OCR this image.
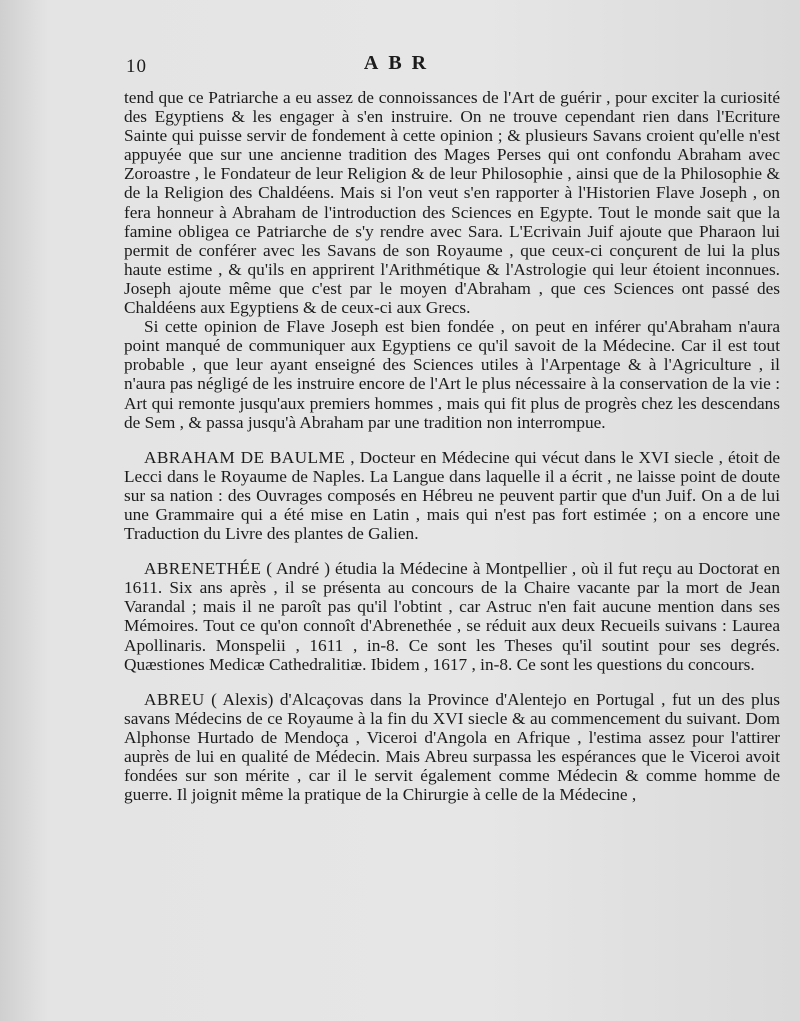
10	ABR

tend que ce Patriarche a eu assez de connoissances de l'Art de guérir , pour exciter la curiosité des Egyptiens & les engager à s'en instruire. On ne trouve cependant rien dans l'Ecriture Sainte qui puisse servir de fondement à cette opinion ; & plusieurs Savans croient qu'elle n'est appuyée que sur une ancienne tradition des Mages Perses qui ont confondu Abraham avec Zoroastre , le Fondateur de leur Religion & de leur Philosophie , ainsi que de la Philosophie & de la Religion des Chaldéens. Mais si l'on veut s'en rapporter à l'Historien Flave Joseph , on fera honneur à Abraham de l'introduction des Sciences en Egypte. Tout le monde sait que la famine obligea ce Patriarche de s'y rendre avec Sara. L'Ecrivain Juif ajoute que Pharaon lui permit de conférer avec les Savans de son Royaume , que ceux-ci conçurent de lui la plus haute estime , & qu'ils en apprirent l'Arithmétique & l'Astrologie qui leur étoient inconnues. Joseph ajoute même que c'est par le moyen d'Abraham , que ces Sciences ont passé des Chaldéens aux Egyptiens & de ceux-ci aux Grecs.

Si cette opinion de Flave Joseph est bien fondée , on peut en inférer qu'Abraham n'aura point manqué de communiquer aux Egyptiens ce qu'il savoit de la Médecine. Car il est tout probable , que leur ayant enseigné des Sciences utiles à l'Arpentage & à l'Agriculture , il n'aura pas négligé de les instruire encore de l'Art le plus nécessaire à la conservation de la vie : Art qui remonte jusqu'aux premiers hommes , mais qui fit plus de progrès chez les descendans de Sem , & passa jusqu'à Abraham par une tradition non interrompue.

ABRAHAM DE BAULME , Docteur en Médecine qui vécut dans le XVI siecle , étoit de Lecci dans le Royaume de Naples. La Langue dans laquelle il a écrit , ne laisse point de doute sur sa nation : des Ouvrages composés en Hébreu ne peuvent partir que d'un Juif. On a de lui une Grammaire qui a été mise en Latin , mais qui n'est pas fort estimée ; on a encore une Traduction du Livre des plantes de Galien.

ABRENETHÉE ( André ) étudia la Médecine à Montpellier , où il fut reçu au Doctorat en 1611. Six ans après , il se présenta au concours de la Chaire vacante par la mort de Jean Varandal ; mais il ne paroît pas qu'il l'obtint , car Astruc n'en fait aucune mention dans ses Mémoires. Tout ce qu'on connoît d'Abrenethée , se réduit aux deux Recueils suivans : Laurea Apollinaris. Monspelii , 1611 , in-8. Ce sont les Theses qu'il soutint pour ses degrés. Quæstiones Medicæ Cathedralitiæ. Ibidem , 1617 , in-8. Ce sont les questions du concours.

ABREU ( Alexis) d'Alcaçovas dans la Province d'Alentejo en Portugal , fut un des plus savans Médecins de ce Royaume à la fin du XVI siecle & au commencement du suivant. Dom Alphonse Hurtado de Mendoça , Viceroi d'Angola en Afrique , l'estima assez pour l'attirer auprès de lui en qualité de Médecin. Mais Abreu surpassa les espérances que le Viceroi avoit fondées sur son mérite , car il le servit également comme Médecin & comme homme de guerre. Il joignit même la pratique de la Chirurgie à celle de la Médecine ,
